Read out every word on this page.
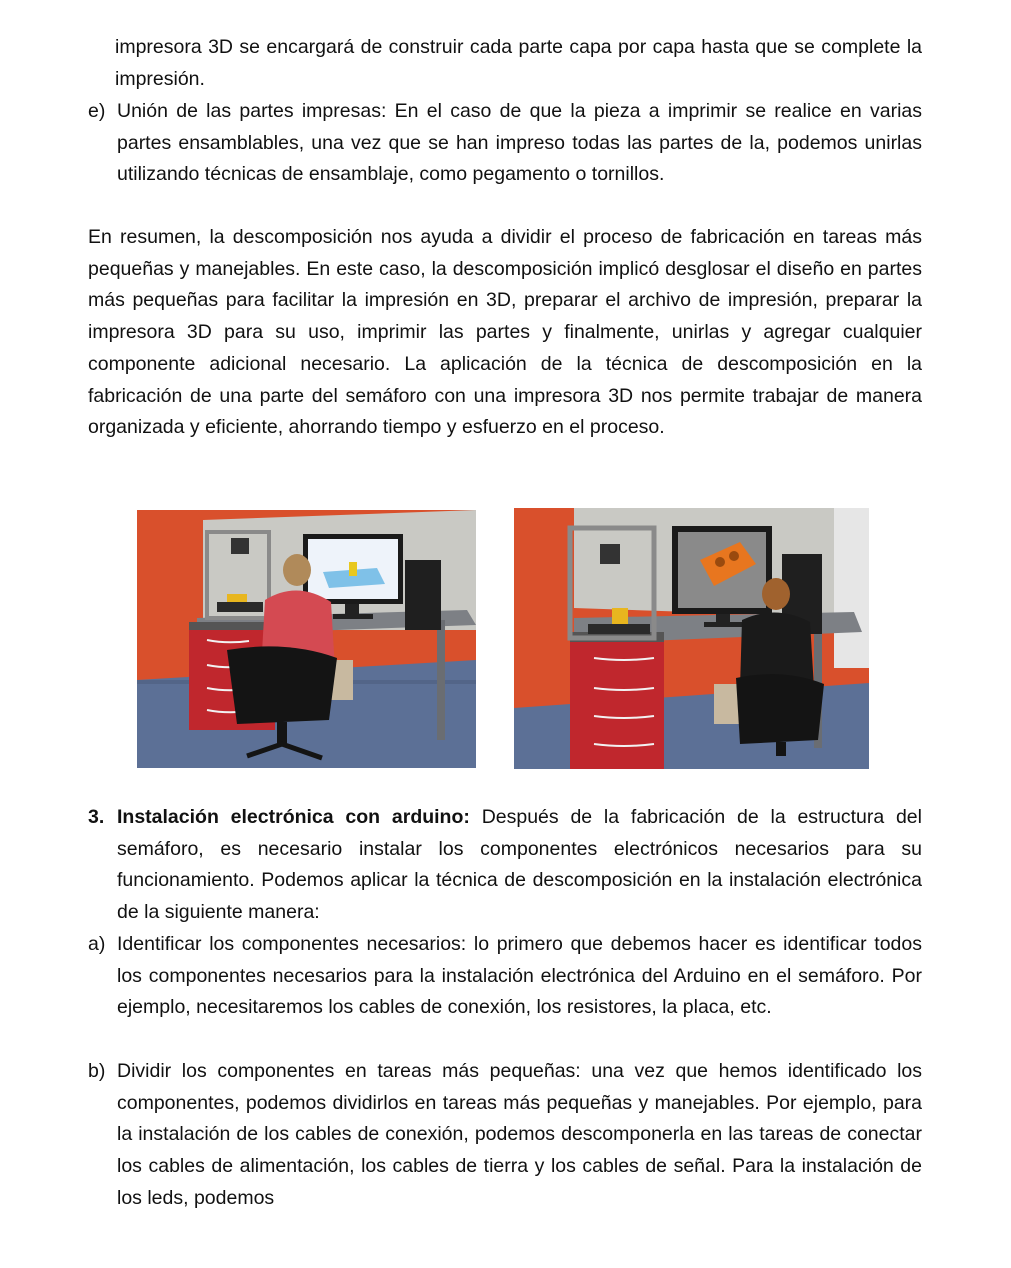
impresora 3D se encargará de construir cada parte capa por capa hasta que se complete la impresión.
e) Unión de las partes impresas: En el caso de que la pieza a imprimir se realice en varias partes ensamblables, una vez que se han impreso todas las partes de la, podemos unirlas utilizando técnicas de ensamblaje, como pegamento o tornillos.
En resumen, la descomposición nos ayuda a dividir el proceso de fabricación en tareas más pequeñas y manejables. En este caso, la descomposición implicó desglosar el diseño en partes más pequeñas para facilitar la impresión en 3D, preparar el archivo de impresión, preparar la impresora 3D para su uso, imprimir las partes y finalmente, unirlas y agregar cualquier componente adicional necesario. La aplicación de la técnica de descomposición en la fabricación de una parte del semáforo con una impresora 3D nos permite trabajar de manera organizada y eficiente, ahorrando tiempo y esfuerzo en el proceso.
3. Instalación electrónica con arduino: Después de la fabricación de la estructura del semáforo, es necesario instalar los componentes electrónicos necesarios para su funcionamiento. Podemos aplicar la técnica de descomposición en la instalación electrónica de la siguiente manera:
a) Identificar los componentes necesarios: lo primero que debemos hacer es identificar todos los componentes necesarios para la instalación electrónica del Arduino en el semáforo. Por ejemplo, necesitaremos los cables de conexión, los resistores, la placa, etc.
b) Dividir los componentes en tareas más pequeñas: una vez que hemos identificado los componentes, podemos dividirlos en tareas más pequeñas y manejables. Por ejemplo, para la instalación de los cables de conexión, podemos descomponerla en las tareas de conectar los cables de alimentación, los cables de tierra y los cables de señal. Para la instalación de los leds, podemos
